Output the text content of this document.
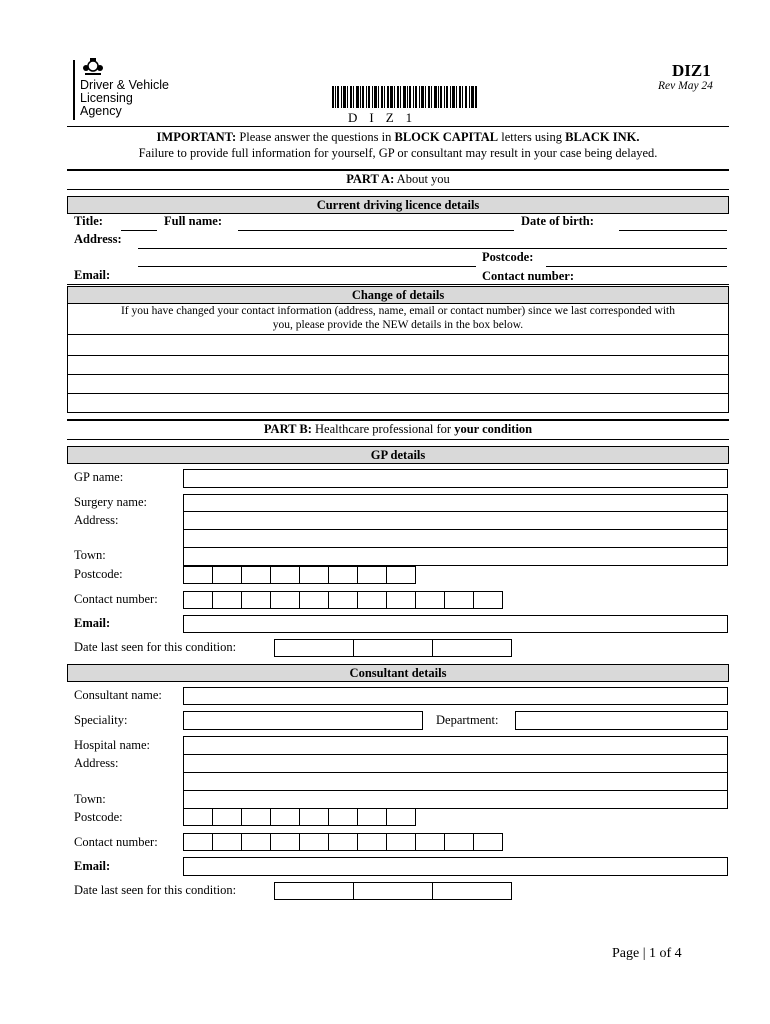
Driver & Vehicle
Licensing
Agency
DIZ1
Rev May 24
DIZ1
IMPORTANT: Please answer the questions in BLOCK CAPITAL letters using BLACK INK.
Failure to provide full information for yourself, GP or consultant may result in your case being delayed.
PART A: About you
Current driving licence details
Title:	Full name:	Date of birth:
Address:
Postcode:
Email:	Contact number:
Change of details
If you have changed your contact information (address, name, email or contact number) since we last corresponded with
you, please provide the NEW details in the box below.
PART B: Healthcare professional for your condition
GP details
GP name:
Surgery name:
Address:
Town:
Postcode:
Contact number:
Email:
Date last seen for this condition:
Consultant details
Consultant name:
Speciality:	Department:
Hospital name:
Address:
Town:
Postcode:
Contact number:
Email:
Date last seen for this condition:
Page | 1 of 4
